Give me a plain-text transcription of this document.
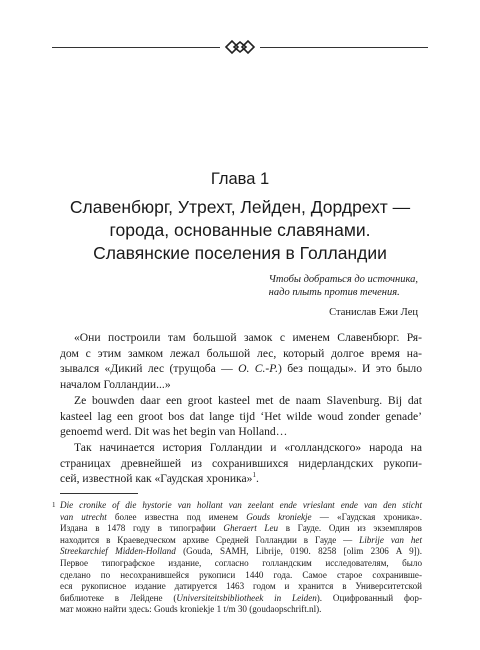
Глава 1
Славенбюрг, Утрехт, Лейден, Дордрехт —
города, основанные славянами.
Славянские поселения в Голландии
Чтобы добраться до источника,
надо плыть против течения.
Станислав Ежи Лец
«Они построили там большой замок с именем Славенбюрг. Ря-
дом с этим замком лежал большой лес, который долгое время на-
зывался «Дикий лес (трущоба — О. С.-Р.) без пощады». И это было
началом Голландии...»
Ze bouwden daar een groot kasteel met de naam Slavenburg. Bij dat
kasteel lag een groot bos dat lange tijd ‘Het wilde woud zonder genade’
genoemd werd. Dit was het begin van Holland…
Так начинается история Голландии и «голландского» народа на
страницах древнейшей из сохранившихся нидерландских рукопи-
сей, известной как «Гаудская хроника»$^1$.
1 Die cronike of die hystorie van hollant van zeelant ende vrieslant ende van den sticht
van utrecht более известна под именем Gouds kroniekje — «Гаудская хроника».
Издана в 1478 году в типографии Gheraert Leu в Гауде. Один из экземпляров
находится в Краеведческом архиве Средней Голландии в Гауде — Librije van het
Streekarchief Midden-Holland (Gouda, SAMH, Librije, 0190. 8258 [olim 2306 A 9]).
Первое типографское издание, согласно голландским исследователям, было
сделано по несохранившейся рукописи 1440 года. Самое старое сохранивше-
еся рукописное издание датируется 1463 годом и хранится в Университетской
библиотеке в Лейдене (Universiteitsbibliotheek in Leiden). Оцифрованный фор-
мат можно найти здесь: Gouds kroniekje 1 t/m 30 (goudaopschrift.nl).
